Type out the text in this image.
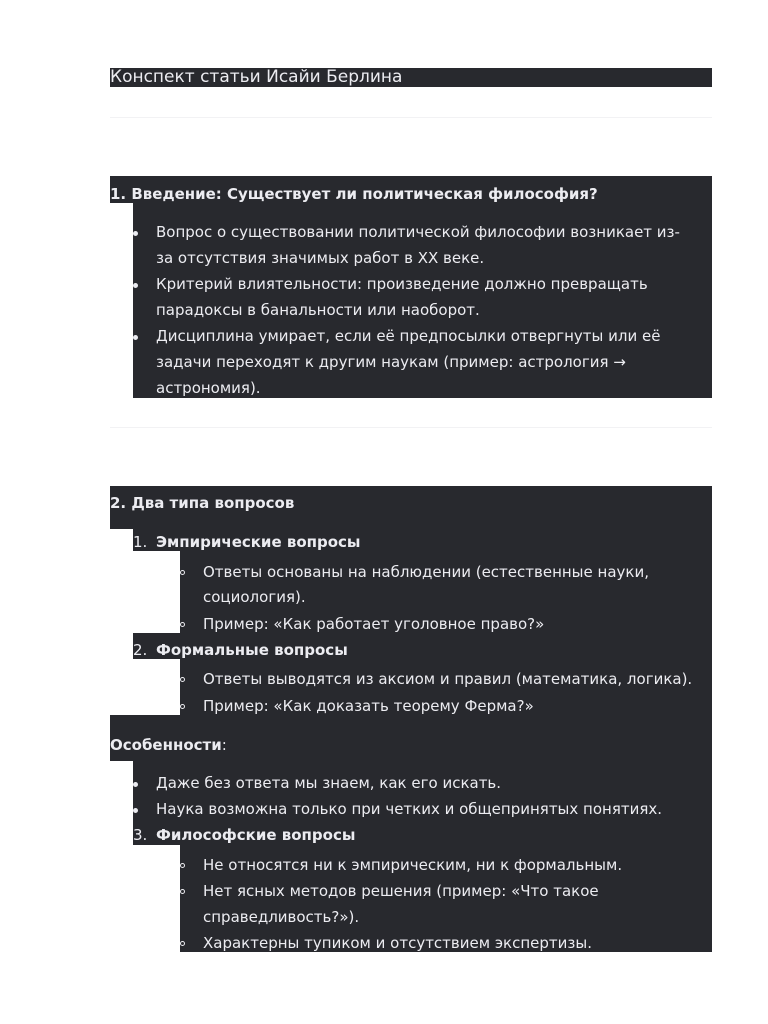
Конспект статьи Исайи Берлина
1. Введение: Существует ли политическая философия?
Вопрос о существовании политической философии возникает из-
за отсутствия значимых работ в XX веке.
Критерий влиятельности: произведение должно превращать
парадоксы в банальности или наоборот.
Дисциплина умирает, если её предпосылки отвергнуты или её
задачи переходят к другим наукам (пример: астрология →
астрономия).
2. Два типа вопросов
1. Эмпирические вопросы
Ответы основаны на наблюдении (естественные науки,
социология).
Пример: «Как работает уголовное право?»
2. Формальные вопросы
Ответы выводятся из аксиом и правил (математика, логика).
Пример: «Как доказать теорему Ферма?»
Особенности:
Даже без ответа мы знаем, как его искать.
Наука возможна только при четких и общепринятых понятиях.
3. Философские вопросы
Не относятся ни к эмпирическим, ни к формальным.
Нет ясных методов решения (пример: «Что такое
справедливость?»).
Характерны тупиком и отсутствием экспертизы.
